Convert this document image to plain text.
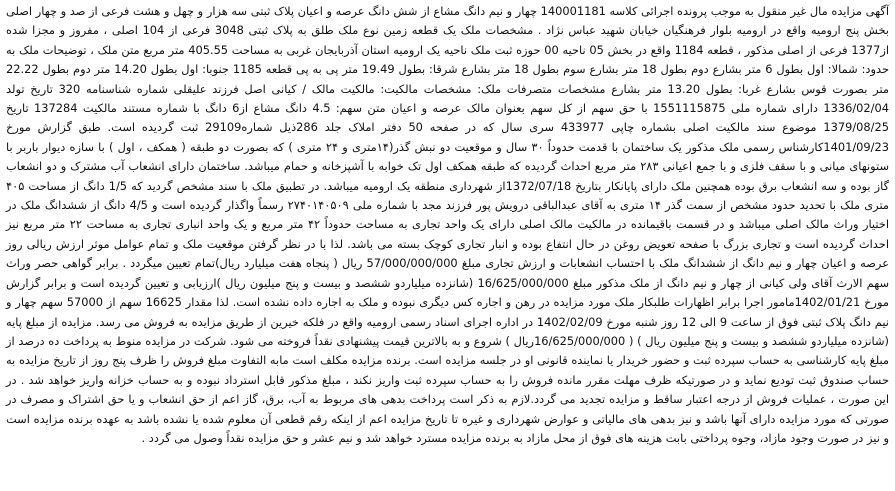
آگهی مزایده مال غیر منقول به موجب پرونده اجرائی کلاسه 140001181 چهار و نیم دانگ مشاع از شش دانگ عرصه و اعیان پلاک ثبتی سه هزار و چهل و هشت فرعی از صد و چهار اصلی بخش پنج ارومیه واقع در ارومیه بلوار فرهنگیان خیابان شهید عباس نژاد . مشخصات ملک یک قطعه زمین نوع ملک طلق به پلاک ثبتی 3048 فرعی از 104 اصلی ، مفروز و مجزا شده از1377 فرعی از اصلی مذکور ، قطعه 1184 واقع در بخش 05 ناحیه 00 حوزه ثبت ملک ناحیه یک ارومیه استان آذربایجان غربی به مساحت 405.55 متر مربع متن ملک ، توضیحات ملک به حدود: شمالا: اول بطول 6 متر بشارع دوم بطول 18 متر بشارع سوم بطول 18 متر بشارع شرقا: بطول 19.49 متر پی به پی قطعه 1185 جنوبا: اول بطول 14.20 متر دوم بطول 22.22 متر بصورت قوس بشارع غربا: بطول 13.20 متر بشارع مشخصات متصرفات ملک: مشخصات مالکیت: مالکیت مالک / کیانی اصل فرزند علیقلی شماره شناسنامه 320 تاریخ تولد 1336/02/04 دارای شماره ملی 1551115875 با حق سهم از کل سهم بعنوان مالک عرصه و اعیان متن سهم: 4.5 دانگ مشاع از6 دانگ با شماره مستند مالکیت 137284 تاریخ 1379/08/25 موضوع سند مالکیت اصلی بشماره چاپی 433977 سری سال که در صفحه 50 دفتر املاک جلد 286ذیل شماره29109 ثبت گردیده است. طبق گزارش مورخ 1401/09/23کارشناس رسمی ملک مذکور یک ساختمان با قدمت حدوداً ۳۰ سال و موقعیت دو نبش گذر(۱۴متری و ۲۴ متری ) که بصورت دو طبقه ( همکف ، اول ) با سازه دیوار باربر با ستونهای میانی و با سقف فلزی و با جمع اعیانی ۲۸۳ متر مربع احداث گردیده که طبقه همکف اول تک خوابه با آشپزخانه و حمام میباشد. ساختمان دارای انشعاب آب مشترک و دو انشعاب گاز بوده و سه انشعاب برق بوده همچنین ملک دارای پایانکار بتاریخ 1372/07/18از شهرداری منطقه یک ارومیه میباشد. در تطبیق ملک با سند مشخص گردید که 1/5 دانگ از مساحت ۴۰۵ متری ملک با تحدید حدود مشخص از سمت گذر ۱۴ متری به آقای عبدالباقی درویش پور فرزند مجد با شماره ملی ۲۷۴۰۱۴۰۵۰۹ رسماً واگذار گردیده است و 4/5 دانگ از ششدانگ ملک در اختیار وراث مالک اصلی میباشد و در قسمت باقیمانده در مالکیت مالک اصلی دارای یک واحد تجاری به مساحت حدوداً ۴۲ متر مربع و یک واحد انباری تجاری به مساحت ۲۲ متر مربع نیز احداث گردیده است و تجاری بزرگ با صفحه تعویض روغن در حال انتفاع بوده و انبار تجاری کوچک بسته می باشد. لذا با در نظر گرفتن موقعیت ملک و تمام عوامل موثر ارزش ریالی روز عرصه و اعیان چهار و نیم دانگ از ششدانگ ملک با احتساب انشعابات و ارزش تجاری مبلغ 57/000/000/000 ریال ( پنجاه هفت میلیارد ریال)تمام تعیین میگردد . برابر گواهی حصر وراث سهم الارث آقای ولی کیانی از چهار و نیم دانگ از ملک مذکور مبلغ 16/625/000/000 (شانزده میلیاردو ششصد و بیست و پنج میلیون ریال )ارزیابی و تعیین گردیده است و برابر گزارش مورخ 1402/01/21مامور اجرا برابر اظهارات طلبکار ملک مورد مزایده در رهن و اجاره کس دیگری نبوده و ملک به اجاره داده نشده است. لذا مقدار 16625 سهم از 57000 سهم چهار و نیم دانگ پلاک ثبتی فوق از ساعت 9 الی 12 روز شنبه مورخ 1402/02/09 در اداره اجرای اسناد رسمی ارومیه واقع در فلکه خیرین از طریق مزایده به فروش می رسد. مزایده از مبلغ پایه (شانزده میلیاردو ششصد و بیست و پنج میلیون ریال ) ( 16/625/000/000ریال ) شروع و به بالاترین قیمت پیشنهادی نقداً فروخته می شود. شرکت در مزایده منوط به پرداخت ده درصد از مبلغ پایه کارشناسی به حساب سپرده ثبت و حضور خریدار یا نماینده قانونی او در جلسه مزایده است. برنده مزایده مکلف است مابه التفاوت مبلغ فروش را ظرف پنج روز از تاریخ مزایده به حساب صندوق ثبت تودیع نماید و در صورتیکه ظرف مهلت مقرر مانده فروش را به حساب سپرده ثبت واریز نکند ، مبلغ مذکور قابل استرداد نبوده و به حساب خزانه واریز خواهد شد . در این صورت ، عملیات فروش از درجه اعتبار ساقط و مزایده تجدید می گردد.لازم به ذکر است پرداخت بدهی های مربوط به آب، برق، گاز اعم از حق انشعاب و یا حق اشتراک و مصرف در صورتی که مورد مزایده دارای آنها باشد و نیز بدهی های مالیاتی و عوارض شهرداری و غیره تا تاریخ مزایده اعم از اینکه رقم قطعی آن معلوم شده یا نشده باشد به عهده برنده مزایده است و نیز در صورت وجود مازاد، وجوه پرداختی بابت هزینه های فوق از محل مازاد به برنده مزایده مسترد خواهد شد و نیم عشر و حق مزایده نقداً وصول می گردد .
